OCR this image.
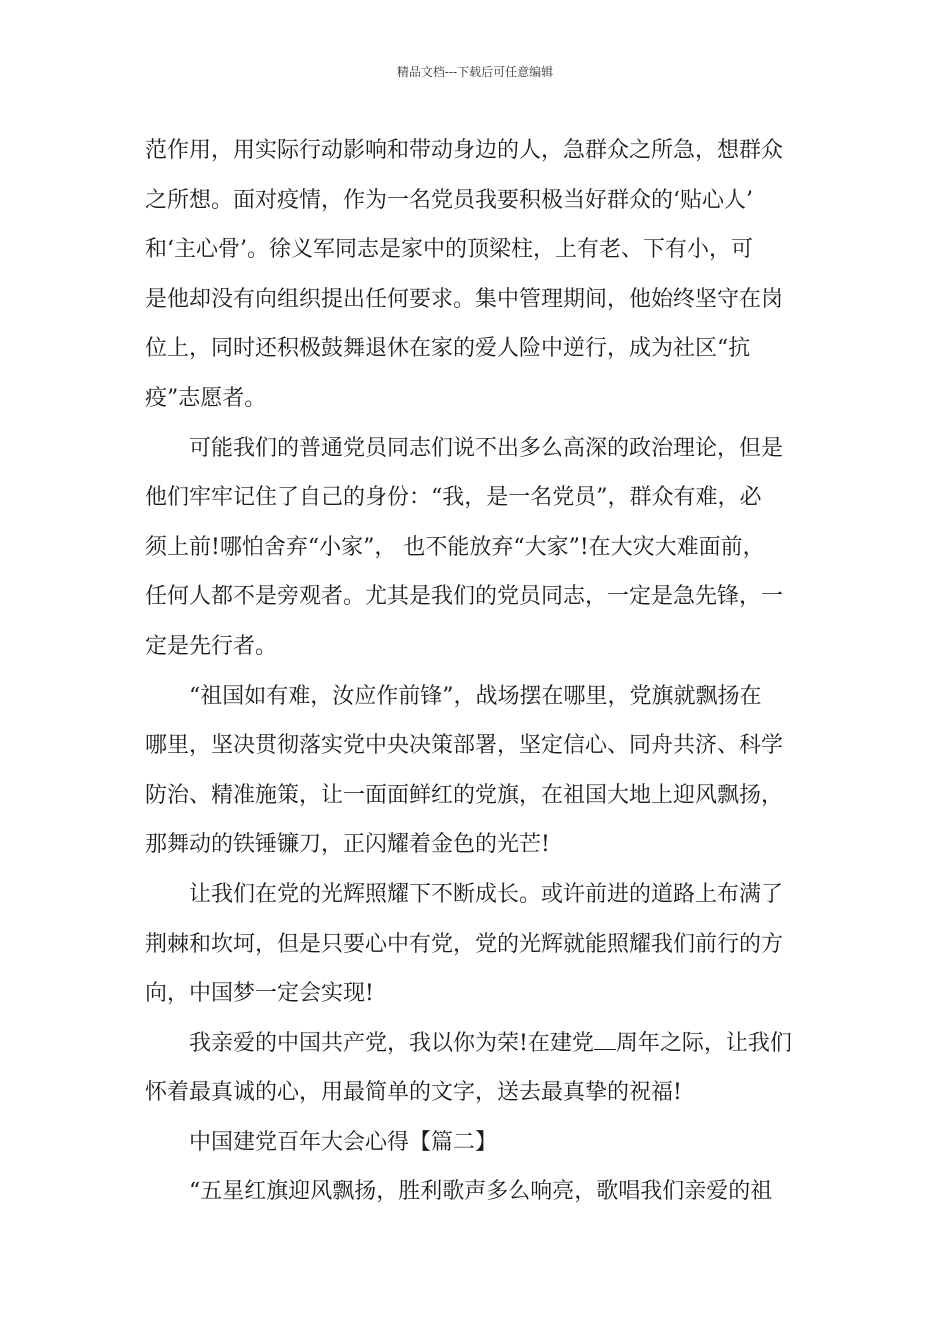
精品文档---下载后可任意编辑
范作用，用实际行动影响和带动身边的人，急群众之所急，想群众
之所想。面对疫情，作为一名党员我要积极当好群众的‘贴心人’
和‘主心骨’。徐义军同志是家中的顶梁柱，上有老、下有小，可
是他却没有向组织提出任何要求。集中管理期间，他始终坚守在岗
位上，同时还积极鼓舞退休在家的爱人险中逆行，成为社区“抗
疫”志愿者。
可能我们的普通党员同志们说不出多么高深的政治理论，但是
他们牢牢记住了自己的身份：“我，是一名党员”，群众有难，必
须上前!哪怕舍弃“小家”， 也不能放弃“大家”!在大灾大难面前，
任何人都不是旁观者。尤其是我们的党员同志，一定是急先锋，一
定是先行者。
“祖国如有难，汝应作前锋”，战场摆在哪里，党旗就飘扬在
哪里，坚决贯彻落实党中央决策部署，坚定信心、同舟共济、科学
防治、精准施策，让一面面鲜红的党旗，在祖国大地上迎风飘扬，
那舞动的铁锤镰刀，正闪耀着金色的光芒!
让我们在党的光辉照耀下不断成长。或许前进的道路上布满了
荆棘和坎坷，但是只要心中有党，党的光辉就能照耀我们前行的方
向，中国梦一定会实现!
我亲爱的中国共产党，我以你为荣!在建党 周年之际，让我们
怀着最真诚的心，用最简单的文字，送去最真挚的祝福!
中国建党百年大会心得【篇二】
“五星红旗迎风飘扬，胜利歌声多么响亮，歌唱我们亲爱的祖
